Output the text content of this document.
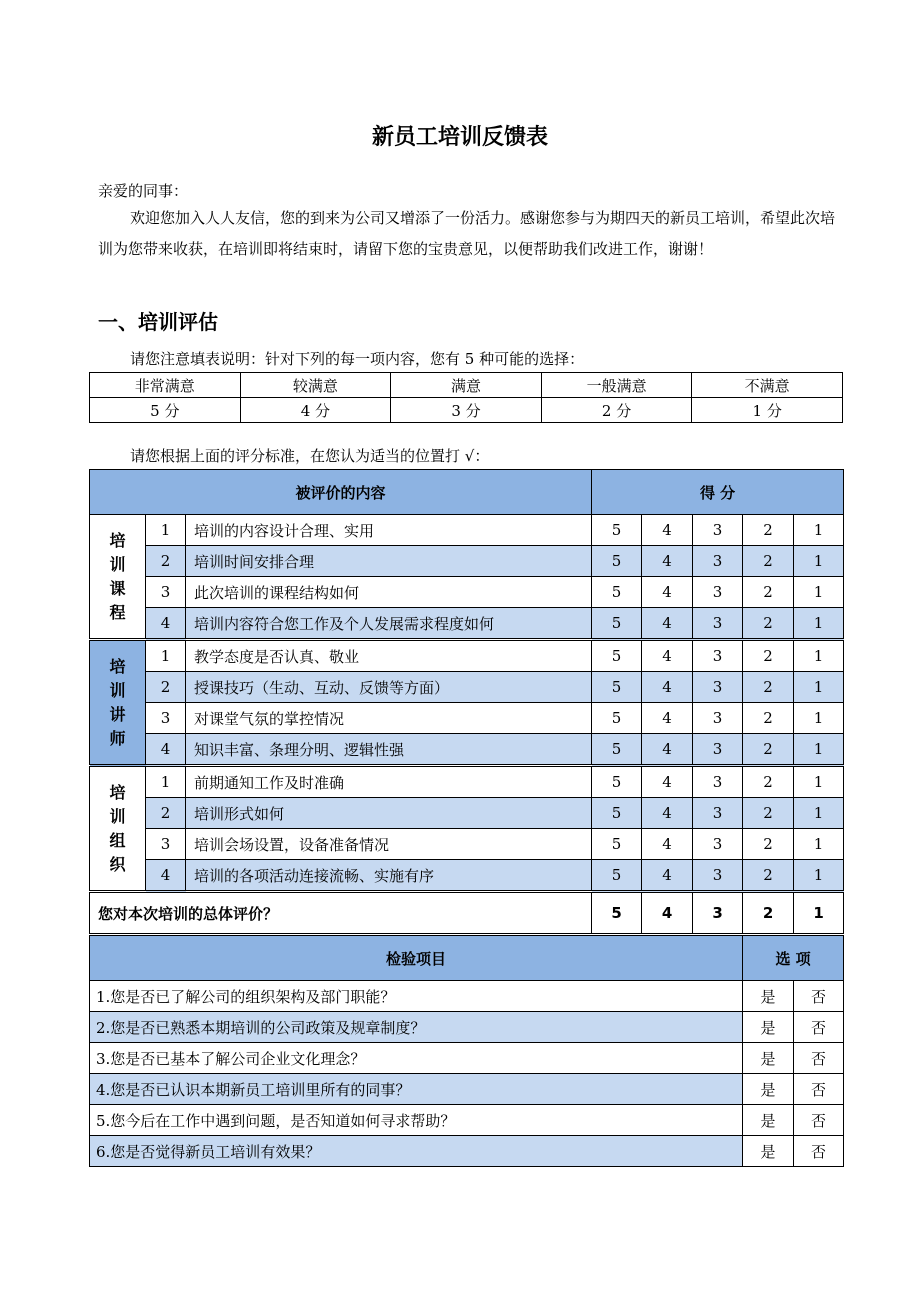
新员工培训反馈表
亲爱的同事：
欢迎您加入人人友信，您的到来为公司又增添了一份活力。感谢您参与为期四天的新员工培训，希望此次培训为您带来收获，在培训即将结束时，请留下您的宝贵意见，以便帮助我们改进工作，谢谢！
一、培训评估
请您注意填表说明：针对下列的每一项内容，您有 5 种可能的选择：
非常满意	较满意	满意	一般满意	不满意
5 分	4 分	3 分	2 分	1 分
请您根据上面的评分标准，在您认为适当的位置打 √：
被评价的内容			得 分				

培
训
课
程	1	培训的内容设计合理、实用	5	4	3	2	1
	2	培训时间安排合理	5	4	3	2	1
	3	此次培训的课程结构如何	5	4	3	2	1
	4	培训内容符合您工作及个人发展需求程度如何	5	4	3	2	1

培
训
讲
师	1	教学态度是否认真、敬业	5	4	3	2	1
	2	授课技巧（生动、互动、反馈等方面）	5	4	3	2	1
	3	对课堂气氛的掌控情况	5	4	3	2	1
	4	知识丰富、条理分明、逻辑性强	5	4	3	2	1

培
训
组
织	1	前期通知工作及时准确	5	4	3	2	1
	2	培训形式如何	5	4	3	2	1
	3	培训会场设置，设备准备情况	5	4	3	2	1
	4	培训的各项活动连接流畅、实施有序	5	4	3	2	1
您对本次培训的总体评价？			5	4	3	2	1
检验项目						选 项	
1.您是否已了解公司的组织架构及部门职能？						是	否
2.您是否已熟悉本期培训的公司政策及规章制度？						是	否
3.您是否已基本了解公司企业文化理念？						是	否
4.您是否已认识本期新员工培训里所有的同事？						是	否
5.您今后在工作中遇到问题，是否知道如何寻求帮助？						是	否
6.您是否觉得新员工培训有效果？						是	否
